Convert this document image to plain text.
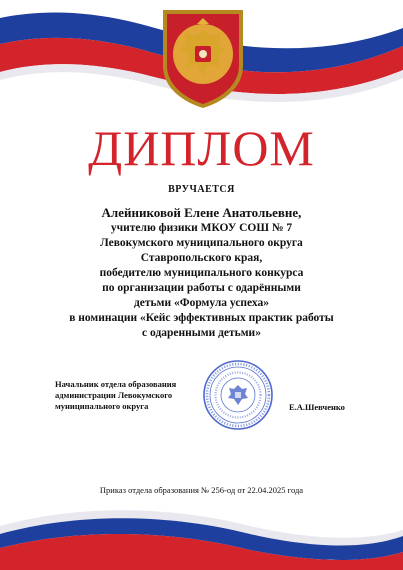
ДИПЛОМ
ВРУЧАЕТСЯ
Алейниковой Елене Анатольевне,
учителю физики МКОУ СОШ № 7
Левокумского муниципального округа
Ставропольского края,
победителю муниципального конкурса
по организации работы с одарёнными
детьми «Формула успеха»
в номинации «Кейс эффективных практик работы
с одаренными детьми»
Начальник отдела образования
администрации Левокумского
муниципального округа	Е.А.Шевченко
Приказ отдела образования № 256-од от 22.04.2025 года
